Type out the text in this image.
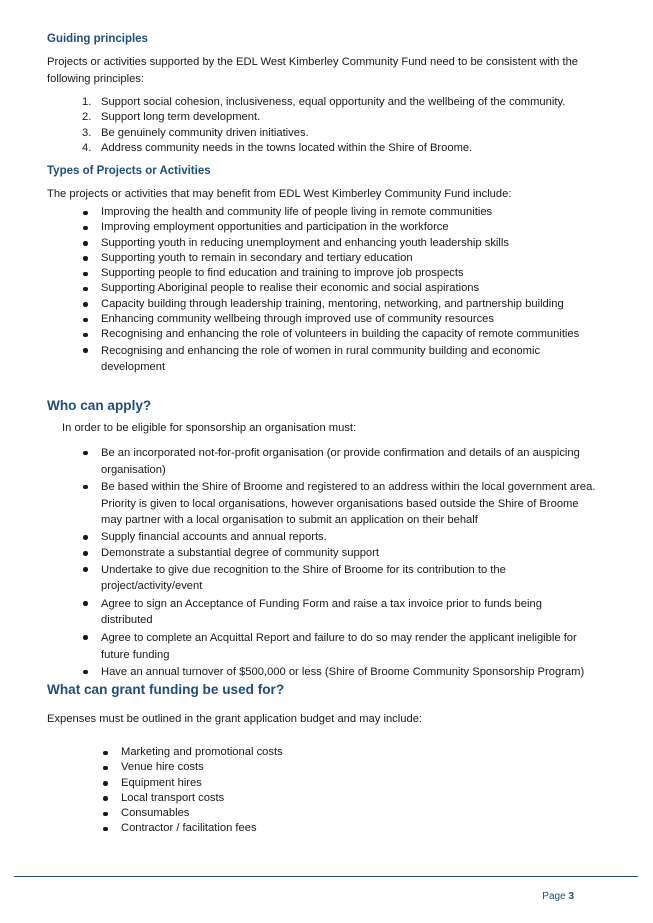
Guiding principles

Projects or activities supported by the EDL West Kimberley Community Fund need to be consistent with the following principles:

1. Support social cohesion, inclusiveness, equal opportunity and the wellbeing of the community.
2. Support long term development.
3. Be genuinely community driven initiatives.
4. Address community needs in the towns located within the Shire of Broome.
Types of Projects or Activities

The projects or activities that may benefit from EDL West Kimberley Community Fund include:

Improving the health and community life of people living in remote communities
Improving employment opportunities and participation in the workforce
Supporting youth in reducing unemployment and enhancing youth leadership skills
Supporting youth to remain in secondary and tertiary education
Supporting people to find education and training to improve job prospects
Supporting Aboriginal people to realise their economic and social aspirations
Capacity building through leadership training, mentoring, networking, and partnership building
Enhancing community wellbeing through improved use of community resources
Recognising and enhancing the role of volunteers in building the capacity of remote communities
Recognising and enhancing the role of women in rural community building and economic development
Who can apply?

In order to be eligible for sponsorship an organisation must:

Be an incorporated not-for-profit organisation (or provide confirmation and details of an auspicing organisation)
Be based within the Shire of Broome and registered to an address within the local government area. Priority is given to local organisations, however organisations based outside the Shire of Broome may partner with a local organisation to submit an application on their behalf
Supply financial accounts and annual reports.
Demonstrate a substantial degree of community support
Undertake to give due recognition to the Shire of Broome for its contribution to the project/activity/event
Agree to sign an Acceptance of Funding Form and raise a tax invoice prior to funds being distributed
Agree to complete an Acquittal Report and failure to do so may render the applicant ineligible for future funding
Have an annual turnover of $500,000 or less (Shire of Broome Community Sponsorship Program)
What can grant funding be used for?

Expenses must be outlined in the grant application budget and may include:

Marketing and promotional costs
Venue hire costs
Equipment hires
Local transport costs
Consumables
Contractor / facilitation fees
Page 3
